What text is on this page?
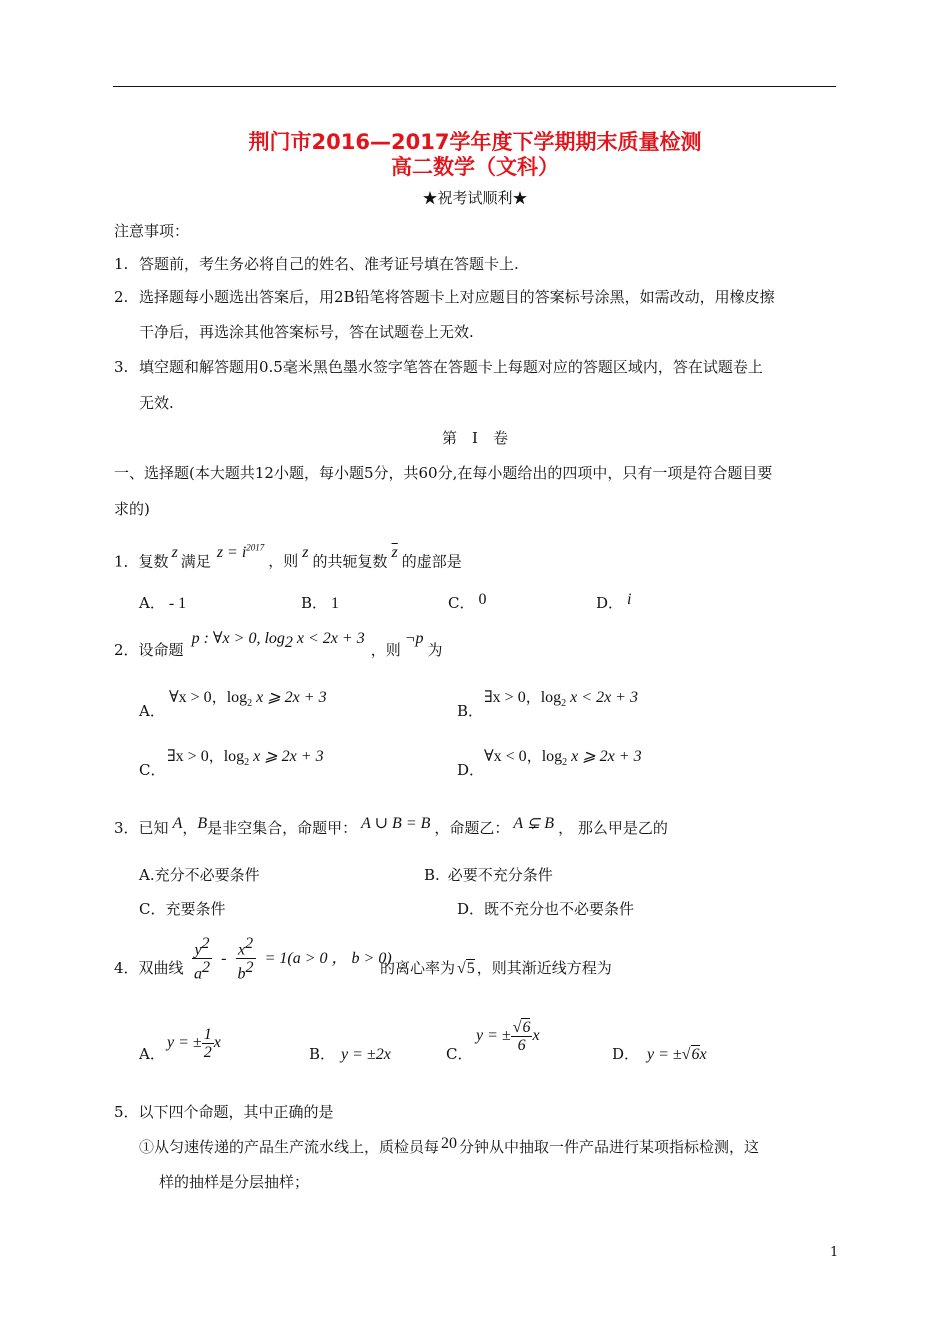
荆门市2016—2017学年度下学期期末质量检测
高二数学（文科）
★祝考试顺利★
注意事项：
1. 答题前，考生务必将自己的姓名、准考证号填在答题卡上.
2. 选择题每小题选出答案后，用2B铅笔将答题卡上对应题目的答案标号涂黑，如需改动，用橡皮擦
干净后，再选涂其他答案标号，答在试题卷上无效.
3. 填空题和解答题用0.5毫米黑色墨水签字笔答在答题卡上每题对应的答题区域内，答在试题卷上
无效.
第　Ⅰ　卷
一、选择题(本大题共12小题，每小题5分，共60分,在每小题给出的四项中，只有一项是符合题目要
求的)
1．复数 z 满足 $z = i^{2017}$，则 z 的共轭复数 $\overline{z}$ 的虚部是
A． - 1	B． 1	C． 0	D． i
2．设命题p : ∀x > 0, $\log_2 x < 2x + 3$，则¬p为
A．
∀x > 0，$\log_2 x$ ⩾ 2x + 3
B．
∃x > 0，$\log_2 x < 2x + 3$
C．
∃x > 0，$\log_2 x$ ⩾ 2x + 3
D．
∀x < 0，$\log_2 x$ ⩾ 2x + 3
3．已知 A，B是非空集合，命题甲： A ∪ B = B ，命题乙： A ⊊ B ， 那么甲是乙的
A.充分不必要条件	B. 必要不充分条件
C．充要条件	D．既不充分也不必要条件
4．双曲线 $\frac{y^2}{a^2} - \frac{x^2}{b^2} = 1(a > 0$ ， b > 0)
的离心率为 √5 ，则其渐近线方程为
A．
y = ± $\frac{1}{2}$ x
B． y = ±2x	C．
y = ± $\frac{√6}{6}$ x
D． y = ±√6x
5．以下四个命题，其中正确的是
①从匀速传递的产品生产流水线上，质检员每 20 分钟从中抽取一件产品进行某项指标检测，这
样的抽样是分层抽样；
1
